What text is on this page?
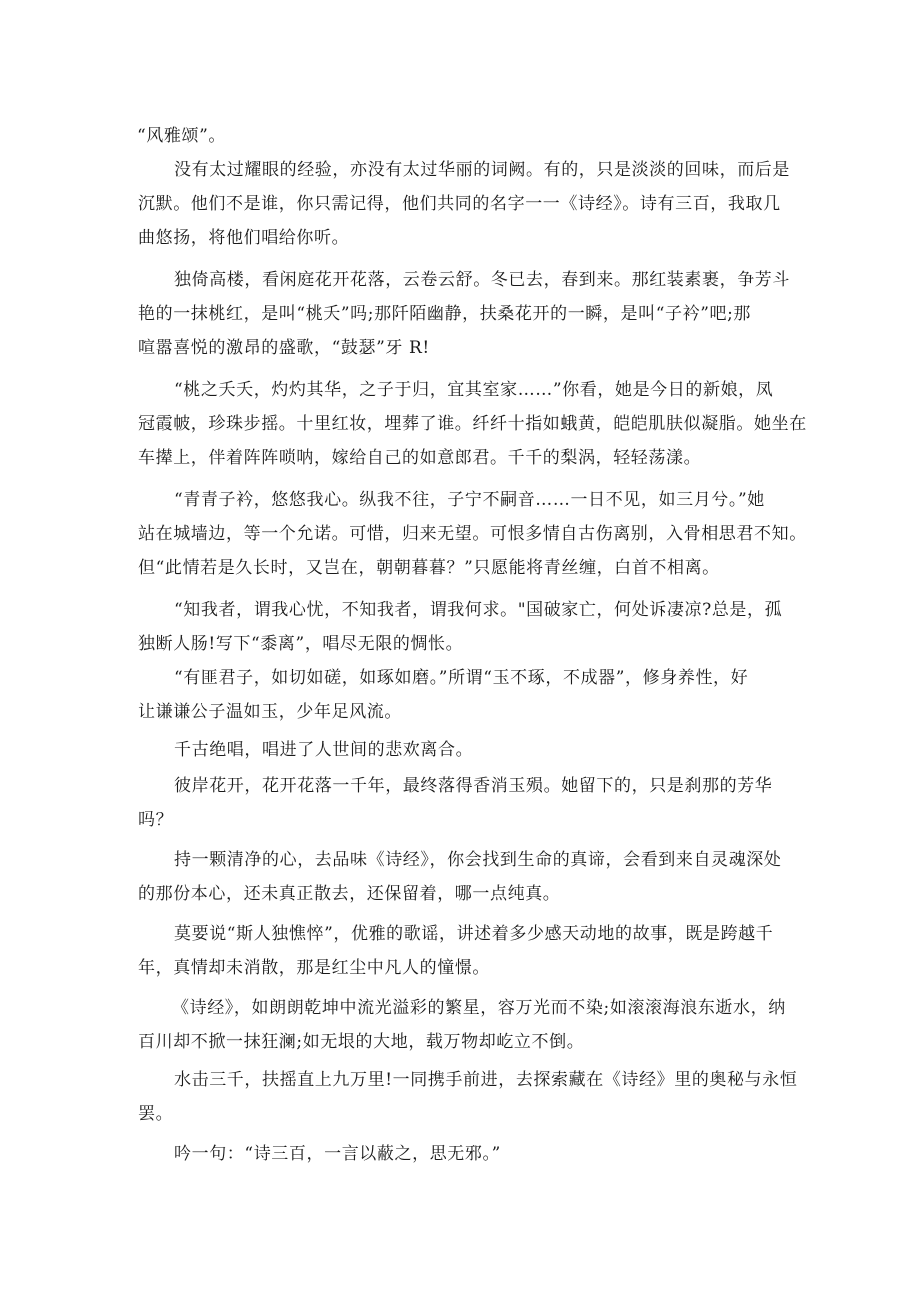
“风雅颂”。
没有太过耀眼的经验，亦没有太过华丽的词阙。有的，只是淡淡的回味，而后是
沉默。他们不是谁，你只需记得，他们共同的名字一一《诗经》。诗有三百，我取几
曲悠扬，将他们唱给你听。
独倚高楼，看闲庭花开花落，云卷云舒。冬已去，春到来。那红装素裹，争芳斗
艳的一抹桃红，是叫“桃夭”吗;那阡陌幽静，扶桑花开的一瞬，是叫“子衿”吧;那
喧嚣喜悦的激昂的盛歌，“鼓瑟”牙 R!
“桃之夭夭，灼灼其华，之子于归，宜其室家……”你看，她是今日的新娘，凤
冠霞帔，珍珠步摇。十里红妆，埋葬了谁。纤纤十指如蛾黄，皑皑肌肤似凝脂。她坐在
车撵上，伴着阵阵唢呐，嫁给自己的如意郎君。千千的梨涡，轻轻荡漾。
“青青子衿，悠悠我心。纵我不往，子宁不嗣音……一日不见，如三月兮。”她
站在城墙边，等一个允诺。可惜，归来无望。可恨多情自古伤离别，入骨相思君不知。
但“此情若是久长时，又岂在，朝朝暮暮？”只愿能将青丝缠，白首不相离。
“知我者，谓我心忧，不知我者，谓我何求。"国破家亡，何处诉凄凉?总是，孤
独断人肠!写下“黍离”，唱尽无限的惆怅。
“有匪君子，如切如磋，如琢如磨。”所谓“玉不琢，不成器”，修身养性，好
让谦谦公子温如玉，少年足风流。
千古绝唱，唱进了人世间的悲欢离合。
彼岸花开，花开花落一千年，最终落得香消玉殒。她留下的，只是刹那的芳华
吗？
持一颗清净的心，去品味《诗经》，你会找到生命的真谛，会看到来自灵魂深处
的那份本心，还未真正散去，还保留着，哪一点纯真。
莫要说“斯人独憔悴”，优雅的歌谣，讲述着多少感天动地的故事，既是跨越千
年，真情却未消散，那是红尘中凡人的憧憬。
《诗经》，如朗朗乾坤中流光溢彩的繁星，容万光而不染;如滚滚海浪东逝水，纳
百川却不掀一抹狂澜;如无垠的大地，载万物却屹立不倒。
水击三千，扶摇直上九万里!一同携手前进，去探索藏在《诗经》里的奥秘与永恒
罢。
吟一句：“诗三百，一言以蔽之，思无邪。”
